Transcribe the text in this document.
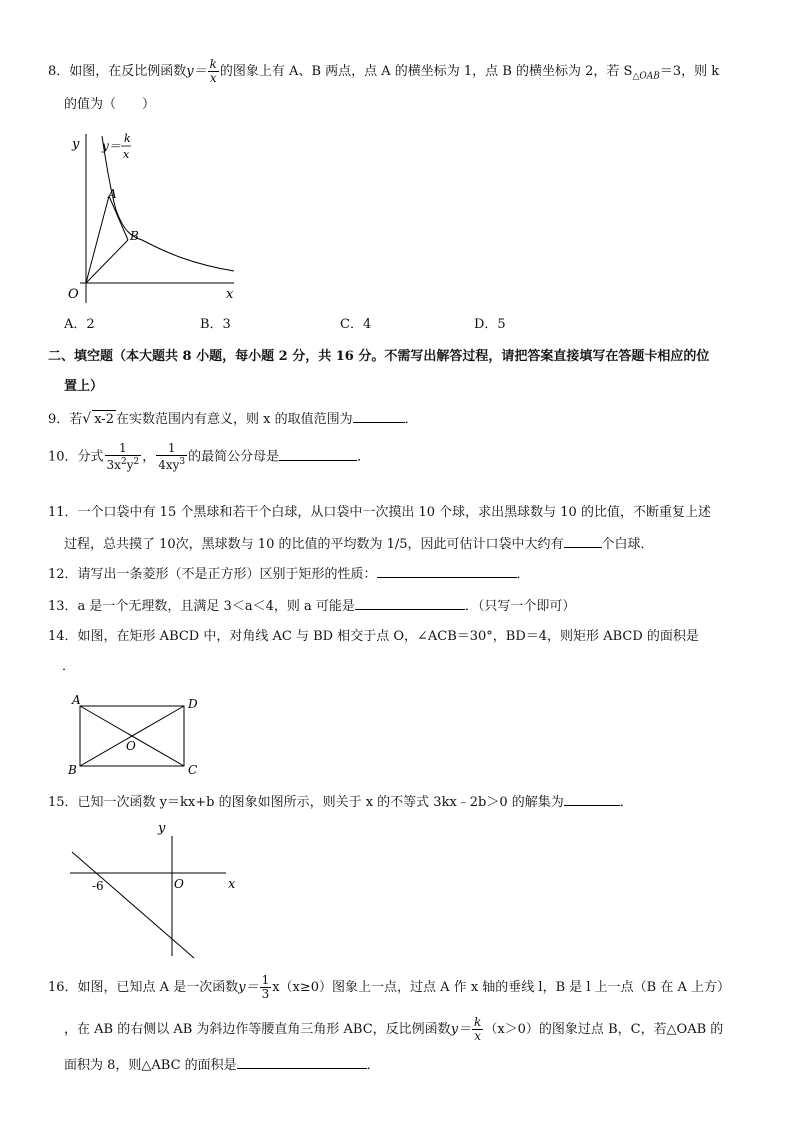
8．如图，在反比例函数$y= \frac{k}{x}$ 的图象上有 A、B 两点，点 A 的横坐标为 1，点 B 的横坐标为 2，若 $S_{\triangle OAB}=3$，则 k
的值为（　　）
y y＝
k
x
A
B
O	x
A．2	B．3	C．4	D．5
二、填空题（本大题共 8 小题，每小题 2 分，共 16 分。不需写出解答过程，请把答案直接填写在答题卡相应的位
置上）
9．若√ x-2 在实数范围内有意义，则 x 的取值范围为	．
10．分式 $\frac{1}{3x^2y^2}$ ， $\frac{1}{4xy^3}$ 的最简公分母是	．
11．一个口袋中有 15 个黑球和若干个白球，从口袋中一次摸出 10 个球，求出黑球数与 10 的比值，不断重复上述
过程，总共摸了 10次，黑球数与 10 的比值的平均数为 1/5，因此可估计口袋中大约有	个白球．
12．请写出一条菱形（不是正方形）区别于矩形的性质：	．
13．a 是一个无理数，且满足 3＜a＜4，则 a 可能是	．（只写一个即可）
14．如图，在矩形 ABCD 中，对角线 AC 与 BD 相交于点 O，∠ACB＝30°，BD＝4，则矩形 ABCD 的面积是
．
A	D
B	C
O
15．已知一次函数 y＝kx+b 的图象如图所示，则关于 x 的不等式 3kx﹣2b＞0 的解集为	．
y
x
O
-6
16．如图，已知点 A 是一次函数$y= \frac{1}{3} x(x\ge 0)$图象上一点，过点 A 作 x 轴的垂线 l，B 是 l 上一点（B 在 A 上方）
，在 AB 的右侧以 AB 为斜边作等腰直角三角形 ABC，反比例函数$y= \frac{k}{x} (x>0)$的图象过点 B，C，若△OAB 的
面积为 8，则△ABC 的面积是	．
